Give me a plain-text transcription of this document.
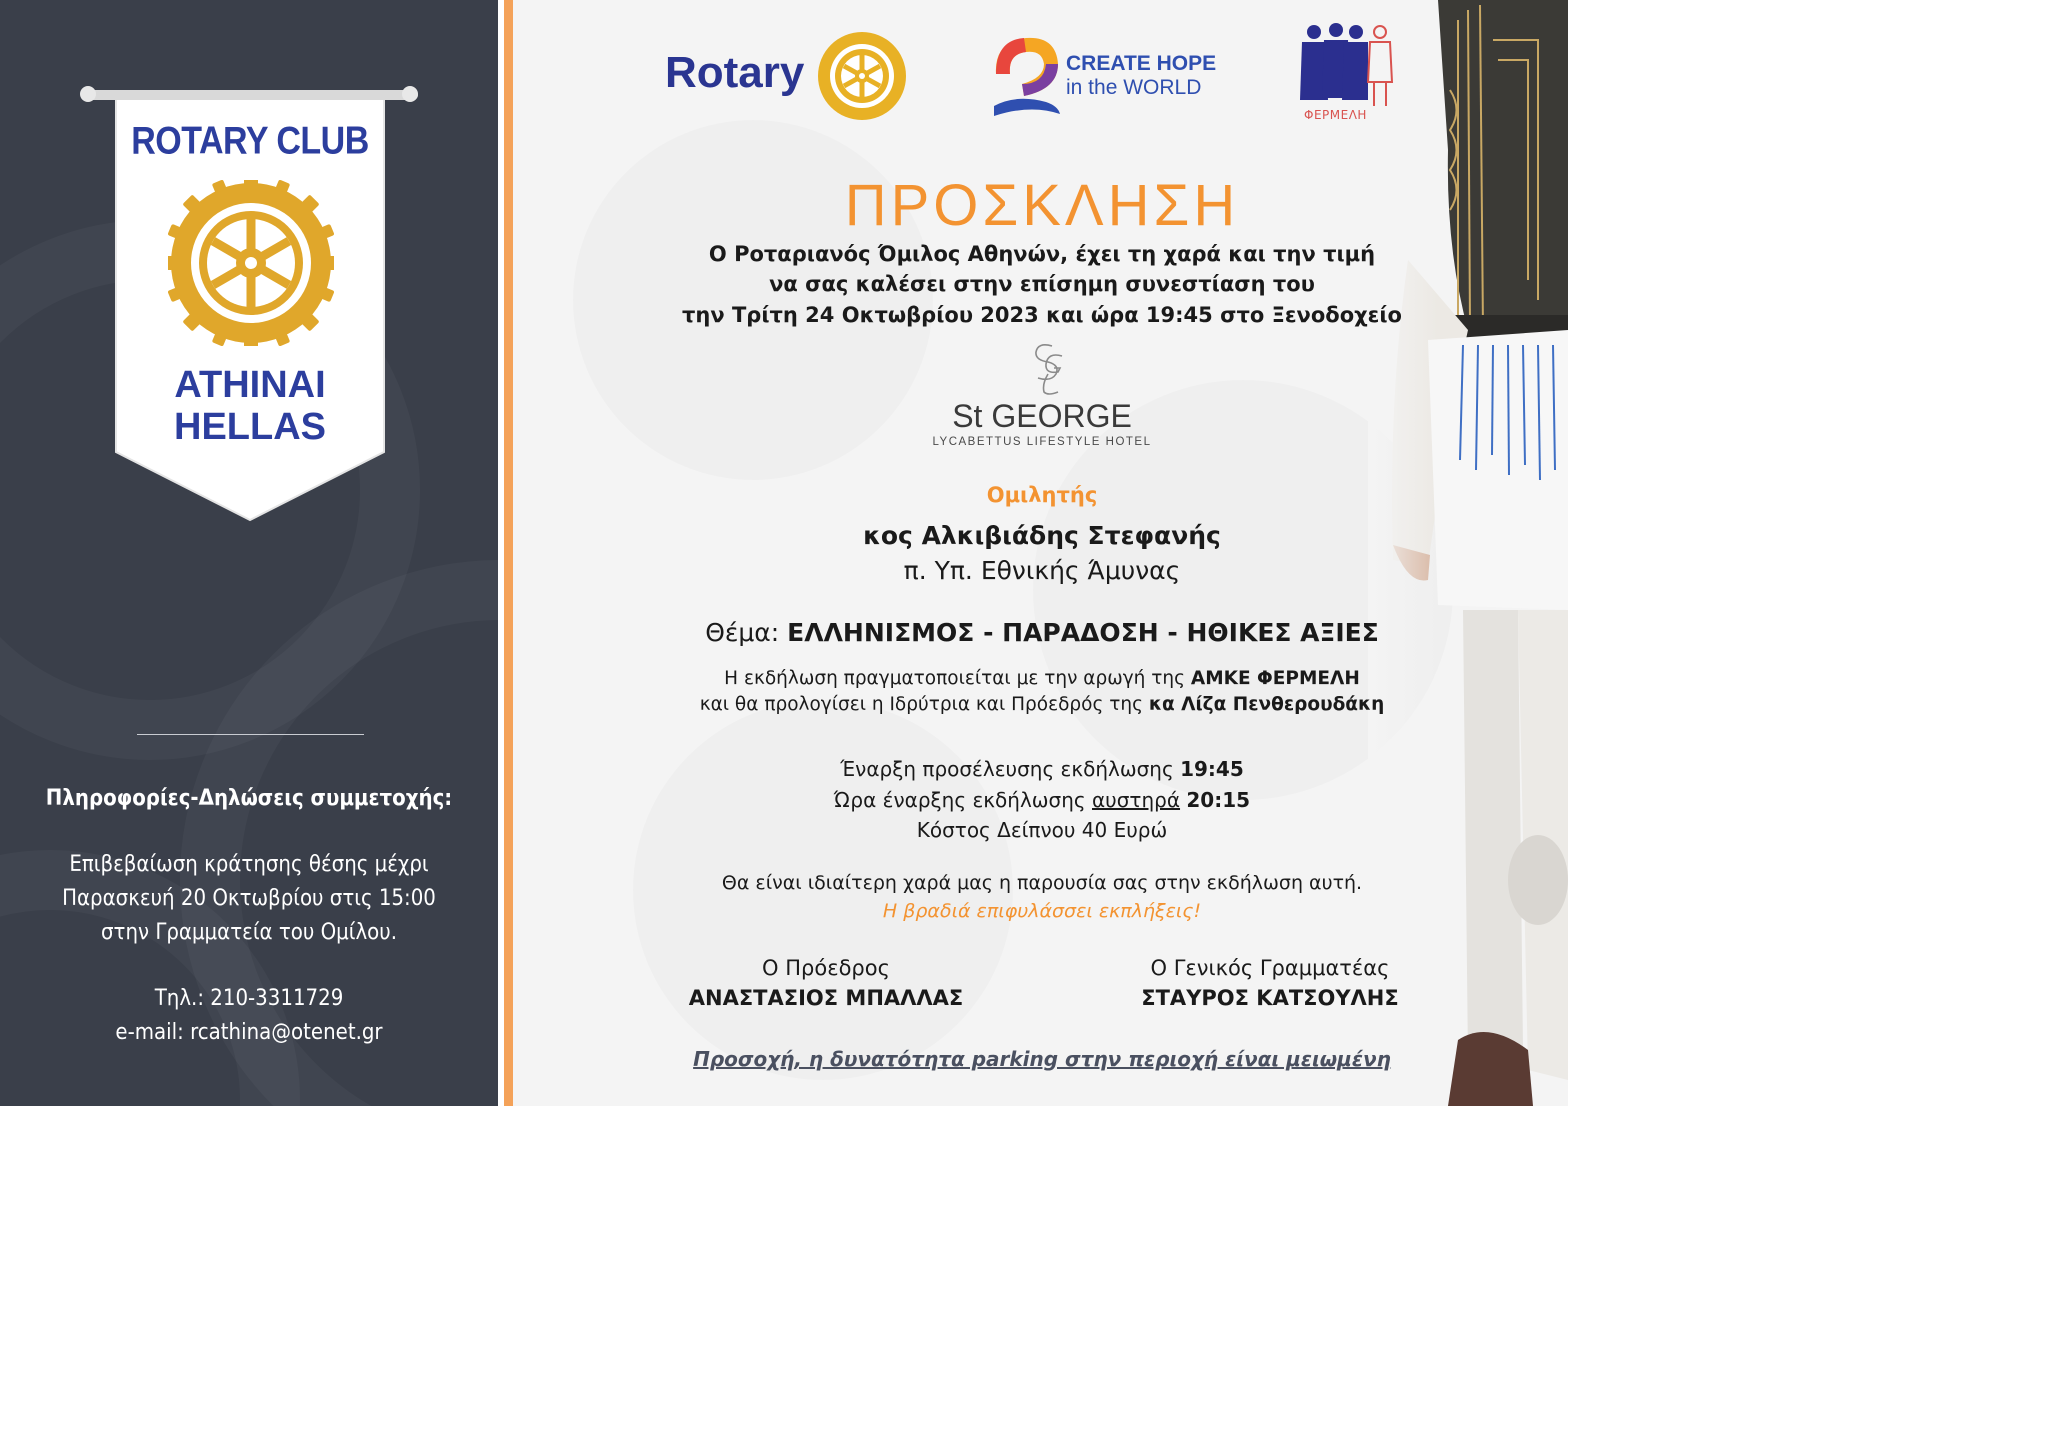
ROTARY CLUB
ATHINAI
HELLAS
Πληροφορίες-Δηλώσεις συμμετοχής:
Επιβεβαίωση κράτησης θέσης μέχρι
Παρασκευή 20 Οκτωβρίου στις 15:00
στην Γραμματεία του Ομίλου.
Τηλ.: 210-3311729
e-mail: rcathina@otenet.gr
Rotary	CREATE HOPE
in the WORLD
ΦΕΡΜΕΛΗ
ΠΡΟΣΚΛΗΣΗ
Ο Ροταριανός Όμιλος Αθηνών, έχει τη χαρά και την τιμή
να σας καλέσει στην επίσημη συνεστίαση του
την Τρίτη 24 Οκτωβρίου 2023 και ώρα 19:45 στο Ξενοδοχείο
St GEORGE
LYCABETTUS LIFESTYLE HOTEL
Ομιλητής
κος Αλκιβιάδης Στεφανής
π. Υπ. Εθνικής Άμυνας
Θέμα: ΕΛΛΗΝΙΣΜΟΣ - ΠΑΡΑΔΟΣΗ - ΗΘΙΚΕΣ ΑΞΙΕΣ
Η εκδήλωση πραγματοποιείται με την αρωγή της ΑΜΚΕ ΦΕΡΜΕΛΗ
και θα προλογίσει η Ιδρύτρια και Πρόεδρός της κα Λίζα Πενθερουδάκη
Έναρξη προσέλευσης εκδήλωσης 19:45
Ώρα έναρξης εκδήλωσης αυστηρά 20:15
Κόστος Δείπνου 40 Ευρώ
Θα είναι ιδιαίτερη χαρά μας η παρουσία σας στην εκδήλωση αυτή.
Η βραδιά επιφυλάσσει εκπλήξεις!
Ο Πρόεδρος
ΑΝΑΣΤΑΣΙΟΣ ΜΠΑΛΛΑΣ
Ο Γενικός Γραμματέας
ΣΤΑΥΡΟΣ ΚΑΤΣΟΥΛΗΣ
Προσοχή, η δυνατότητα parking στην περιοχή είναι μειωμένη
